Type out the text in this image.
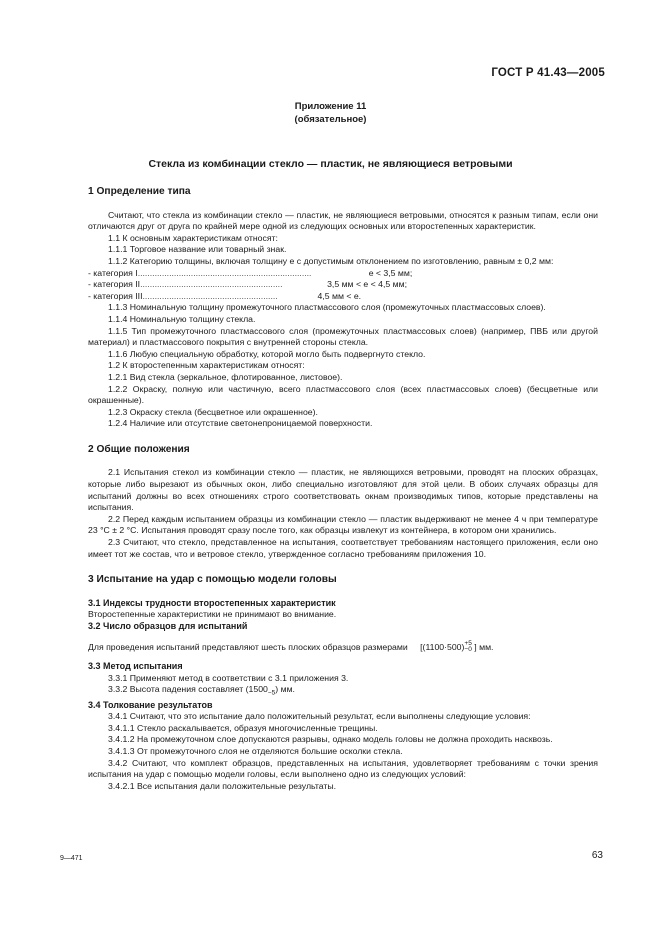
ГОСТ Р 41.43—2005
Приложение 11
(обязательное)
Стекла из комбинации стекло — пластик, не являющиеся ветровыми

1 Определение типа

Считают, что стекла из комбинации стекло — пластик, не являющиеся ветровыми, относятся к разным типам, если они отличаются друг от друга по крайней мере одной из следующих основных или второстепенных характеристик.

1.1 К основным характеристикам относят:

1.1.1 Торговое название или товарный знак.

1.1.2 Категорию толщины, включая толщину е с допустимым отклонением по изготовлению, равным ± 0,2 мм:

- категория I ........................................................................	е < 3,5 мм;

- категория II ...........................................................	3,5 мм < е < 4,5 мм;

- категория III ........................................................	4,5 мм < е.

1.1.3 Номинальную толщину промежуточного пластмассового слоя (промежуточных пластмассовых слоев).

1.1.4 Номинальную толщину стекла.

1.1.5 Тип промежуточного пластмассового слоя (промежуточных пластмассовых слоев) (например, ПВБ или другой материал) и пластмассового покрытия с внутренней стороны стекла.

1.1.6 Любую специальную обработку, которой могло быть подвергнуто стекло.

1.2 К второстепенным характеристикам относят:

1.2.1 Вид стекла (зеркальное, флотированное, листовое).

1.2.2 Окраску, полную или частичную, всего пластмассового слоя (всех пластмассовых слоев) (бесцветные или окрашенные).

1.2.3 Окраску стекла (бесцветное или окрашенное).

1.2.4 Наличие или отсутствие светонепроницаемой поверхности.

2 Общие положения

2.1 Испытания стекол из комбинации стекло — пластик, не являющихся ветровыми, проводят на плоских образцах, которые либо вырезают из обычных окон, либо специально изготовляют для этой цели. В обоих случаях образцы для испытаний должны во всех отношениях строго соответствовать окнам производимых типов, которые представлены на испытания.

2.2 Перед каждым испытанием образцы из комбинации стекло — пластик выдерживают не менее 4 ч при температуре 23 °С ± 2 °С. Испытания проводят сразу после того, как образцы извлекут из контейнера, в котором они хранились.

2.3 Считают, что стекло, представленное на испытания, соответствует требованиям настоящего приложения, если оно имеет тот же состав, что и ветровое стекло, утвержденное согласно требованиям приложения 10.

3 Испытание на удар с помощью модели головы

3.1 Индексы трудности второстепенных характеристик

Второстепенные характеристики не принимают во внимание.

3.2 Число образцов для испытаний

Для проведения испытаний представляют шесть плоских образцов размерами [(1100·500) +5
−0 ] мм.

3.3 Метод испытания

3.3.1 Применяют метод в соответствии с 3.1 приложения 3.

3.3.2 Высота падения составляет $(1500_{-5})$ мм.

3.4 Толкование результатов

3.4.1 Считают, что это испытание дало положительный результат, если выполнены следующие условия:

3.4.1.1 Стекло раскалывается, образуя многочисленные трещины.

3.4.1.2 На промежуточном слое допускаются разрывы, однако модель головы не должна проходить насквозь.

3.4.1.3 От промежуточного слоя не отделяются большие осколки стекла.

3.4.2 Считают, что комплект образцов, представленных на испытания, удовлетворяет требованиям с точки зрения испытания на удар с помощью модели головы, если выполнено одно из следующих условий:

3.4.2.1 Все испытания дали положительные результаты.

9—471	63
